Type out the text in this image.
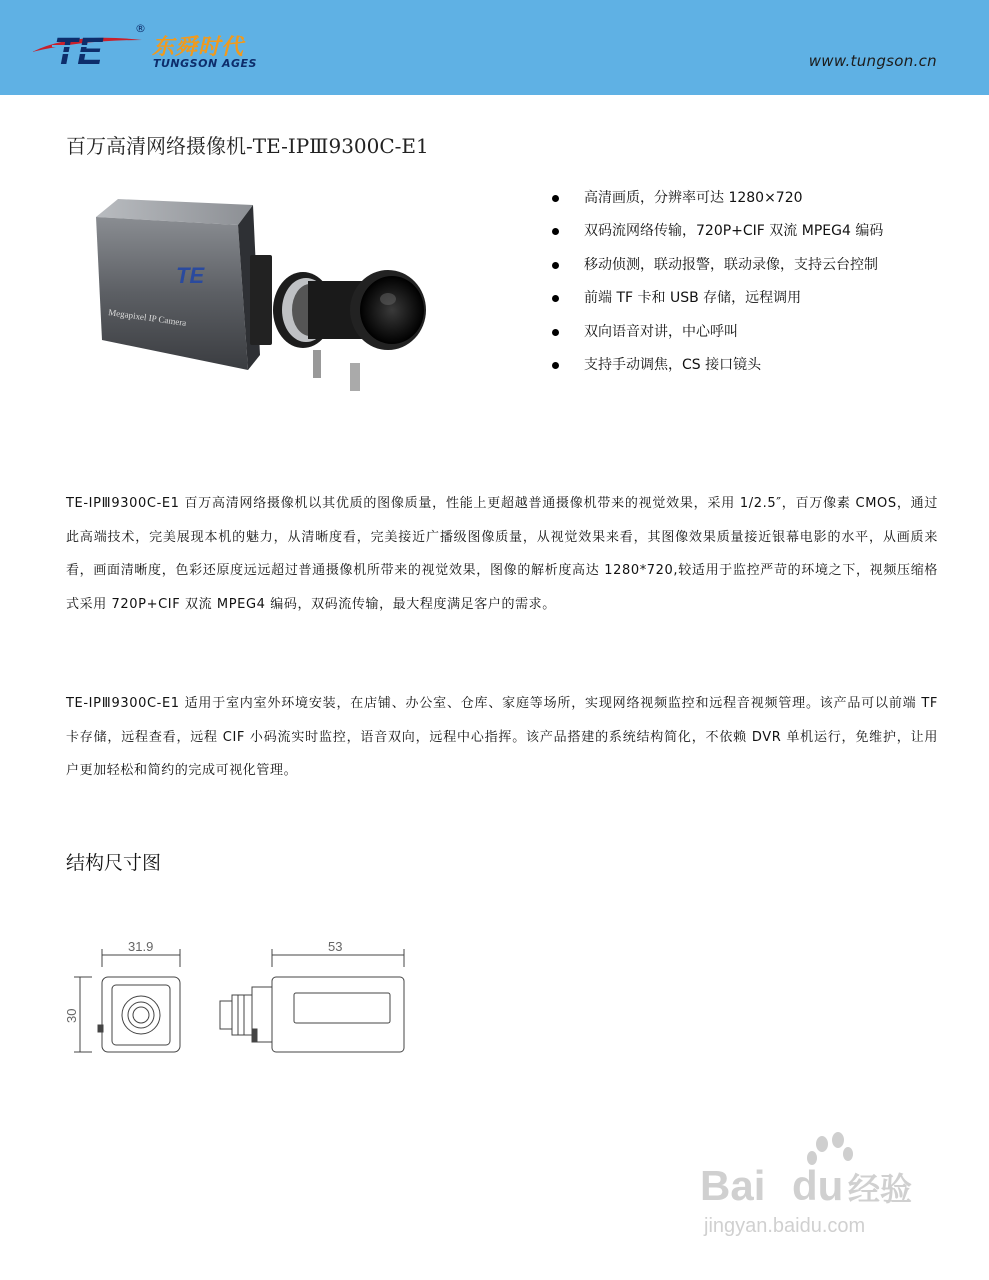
TE
®
东舜时代
TUNGSON AGES	www.tungson.cn
百万高清网络摄像机-TE-IPⅢ9300C-E1
TE
Megapixel IP Camera
高清画质，分辨率可达 1280×720
双码流网络传输，720P+CIF 双流 MPEG4 编码
移动侦测，联动报警，联动录像，支持云台控制
前端 TF 卡和 USB 存储，远程调用
双向语音对讲，中心呼叫
支持手动调焦，CS 接口镜头

TE-IPⅢ9300C-E1 百万高清网络摄像机以其优质的图像质量，性能上更超越普通摄像机带来的视觉效果，采用 1/2.5″，百万像素 CMOS，通过此高端技术，完美展现本机的魅力，从清晰度看，完美接近广播级图像质量，从视觉效果来看，其图像效果质量接近银幕电影的水平，从画质来看，画面清晰度，色彩还原度远远超过普通摄像机所带来的视觉效果，图像的解析度高达 1280*720,较适用于监控严苛的环境之下，视频压缩格式采用 720P+CIF 双流 MPEG4 编码，双码流传输，最大程度满足客户的需求。

TE-IPⅢ9300C-E1 适用于室内室外环境安装，在店铺、办公室、仓库、家庭等场所，实现网络视频监控和远程音视频管理。该产品可以前端 TF 卡存储，远程查看，远程 CIF 小码流实时监控，语音双向，远程中心指挥。该产品搭建的系统结构简化，不依赖 DVR 单机运行，免维护，让用户更加轻松和简约的完成可视化管理。

结构尺寸图
31.9
30
53
Bai du 经验
jingyan.baidu.com
